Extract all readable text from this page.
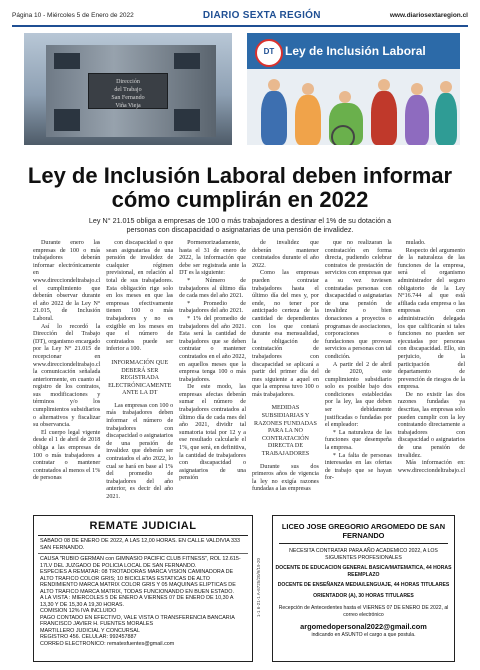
Página 10 - Miércoles 5 de Enero de 2022	DIARIO SEXTA REGIÓN	www.diariosextaregion.cl
Dirección
del Trabajo
San Fernando
Viña Vieja
DT Ley de Inclusión Laboral
Ley de Inclusión Laboral deben informar cómo cumplirán en 2022
Ley N° 21.015 obliga a empresas de 100 o más trabajadores a destinar el 1% de su dotación a personas con discapacidad o asignatarias de una pensión de invalidez.

Durante enero las empresas de 100 o más trabajadores deberán informar electrónicamente en www.direcciondeltrabajo.cl el cumplimiento que deberán observar durante el año 2022 de la Ley N° 21.015, de Inclusión Laboral.

Así lo recordó la Dirección del Trabajo (DT), organismo encargado por la Ley N° 21.015 de recepcionar en www.direcciondeltrabajo.cl la comunicación señalada anteriormente, en cuanto al registro de los contratos, sus modificaciones y términos y/o los cumplimientos subsidiarios o alternativos y fiscalizar su observancia.

El cuerpo legal vigente desde el 1 de abril de 2018 obliga a las empresas de 100 o más trabajadores a contratar o mantener contratados al menos el 1% de personas

con discapacidad o que sean asignatarias de una pensión de invalidez de cualquier régimen previsional, en relación al total de sus trabajadores. Esta obligación rige solo en los meses en que las empresas efectivamente tienen 100 o más trabajadores y no es exigible en los meses en que el número de contratados puede ser inferior a 100.

INFORMACIÓN QUE DEBERÁ SER REGISTRADA ELECTRÓNICAMENTE ANTE LA DT

Las empresas con 100 o más trabajadores deben informar el número de trabajadores con discapacidad o asignatarios de una pensión de invalidez que deberán ser contratados el año 2022, lo cual se hará en base al 1% del promedio de trabajadores del año anterior, es decir del año 2021.

Pormenorizadamente, hasta el 31 de enero de 2022, la información que debe ser registrada ante la DT es la siguiente:

* Número de trabajadores al último día de cada mes del año 2021.

* Promedio de trabajadores del año 2021.

* 1% del promedio de trabajadores del año 2021. Esta será la cantidad de trabajadores que se deben contratar o mantener contratados en el año 2022, en aquellos meses que la empresa tenga 100 o más trabajadores.

De este modo, las empresas afectas deberán sumar el número de trabajadores contratados al último día de cada mes del año 2021, dividir tal sumatoria total por 12 y a ese resultado calcularle el 1%, que será, en definitiva, la cantidad de trabajadores con discapacidad o asignatarios de una pensión

de invalidez que deberán mantener contratados durante el año 2022.

Como las empresas pueden contratar trabajadores hasta el último día del mes y, por ende, no tener por anticipado certeza de la cantidad de dependientes con los que contará durante esa mensualidad, la obligación de contratación de trabajadores con discapacidad se aplicará a partir del primer día del mes siguiente a aquel en que la empresa tuvo 100 o más trabajadores.

MEDIDAS SUBSIDIARIAS Y RAZONES FUNDADAS PARA LA NO CONTRATACIÓN DIRECTA DE TRABAJADORES

Durante sus dos primeros años de vigencia la ley no exigía razones fundadas a las empresas

que no realizaran la contratación en forma directa, pudiendo celebrar contratos de prestación de servicios con empresas que a su vez tuviesen contratadas personas con discapacidad o asignatarias de una pensión de invalidez o bien donaciones a proyectos o programas de asociaciones, corporaciones o fundaciones que provean servicios a personas con tal condición.

A partir del 2 de abril de 2020, este cumplimiento subsidiario solo es posible bajo dos condiciones establecidas por la ley, las que deben ser debidamente justificadas o fundadas por el empleador:

* La naturaleza de las funciones que desempeña la empresa.

* La falta de personas interesadas en las ofertas de trabajo que se hayan for-

mulado.

Respecto del argumento de la naturaleza de las funciones de la empresa, será el organismo administrador del seguro obligatorio de la Ley N°16.744 al que está afiliada cada empresa o las empresas con administración delegada los que calificarán si tales funciones no pueden ser ejecutadas por personas con discapacidad. Ello, sin perjuicio, de la participación del departamento de prevención de riesgos de la empresa.

De no existir las dos razones fundadas ya descritas, las empresas solo pueden cumplir con la ley contratando directamente a trabajadores con discapacidad o asignatarios de una pensión de invalidez.

Más información en: www.direcciondeltrabajo.cl

REMATE JUDICIAL
SABADO 08 DE ENERO DE 2022, A LAS 12,00 HORAS. EN CALLE VALDIVIA 333 SAN FERNANDO.
CAUSA "RUBIO GERMAN con GIMNASIO PACIFIC CLUB FITNESS", ROL 12.615-17LV DEL JUZGADO DE POLICIA LOCAL DE SAN FERNANDO.
ESPECIES A REMATAR: 08 TROTADORAS MARCA VISION CAMINADORA DE ALTO TRAFICO COLOR GRIS; 10 BICICLETAS ESTATICAS DE ALTO RENDIMIENTO MARCA MATRIX COLOR GRIS Y 05 MAQUINAS ELIPTICAS DE ALTO TRAFICO MARCA MATRIX, TODAS FUNCIONANDO EN BUEN ESTADO.
A LA VISTA : MIERCOLES 5 DE ENERO A VIERNES 07 DE ENERO DE 10,30 A 13,30 Y DE 15,30 A 19,30 HORAS.
COMISION 12% IVA INCLUIDO
PAGO CONTADO EN EFECTIVO, VALE VISTA O TRANSFERENCIA BANCARIA
FRANCISCO JAVIER H. FUENTES MORALES
MARTILLERO JUDICIAL Y CONCURSAL
REGISTRO 456. CELULAR: 992457887
CORREO ELECTRONICO: rematesfuentes@gmail.com
1-1 6-21-1 A-6725/20/9/19-20
LICEO JOSE GREGORIO ARGOMEDO DE SAN FERNANDO
NECESITA CONTRATAR PARA AÑO ACADEMICO 2022, A LOS SIGUIENTES PROFESIONALES
DOCENTE DE EDUCACION GENERAL BASICA/MATEMATICA, 44 HORAS REEMPLAZO
DOCENTE DE ENSEÑANZA MEDIA/LENGUAJE, 44 HORAS TITULARES
ORIENTADOR (A), 30 HORAS TITULARES
Recepción de Antecedentes hasta el VIERNES 07 DE ENERO DE 2022, al correo electrónico
argomedopersonal2022@gmail.com
indicando en ASUNTO el cargo a que postula.
